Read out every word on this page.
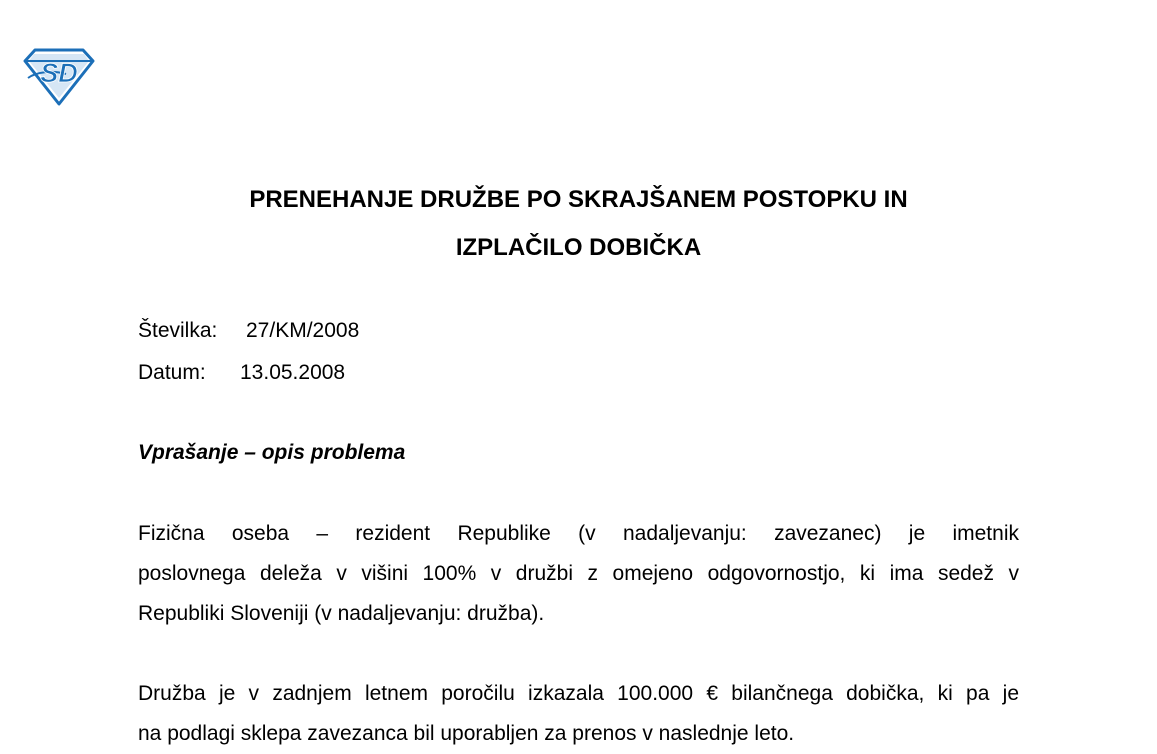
SD
PRENEHANJE DRUŽBE PO SKRAJŠANEM POSTOPKU IN
IZPLAČILO DOBIČKA
Številka: 27/KM/2008
Datum: 13.05.2008
Vprašanje – opis problema

Fizična oseba – rezident Republike (v nadaljevanju: zavezanec) je imetnik
poslovnega deleža v višini 100% v družbi z omejeno odgovornostjo, ki ima sedež v
Republiki Sloveniji (v nadaljevanju: družba).

Družba je v zadnjem letnem poročilu izkazala 100.000 € bilančnega dobička, ki pa je
na podlagi sklepa zavezanca bil uporabljen za prenos v naslednje leto.
